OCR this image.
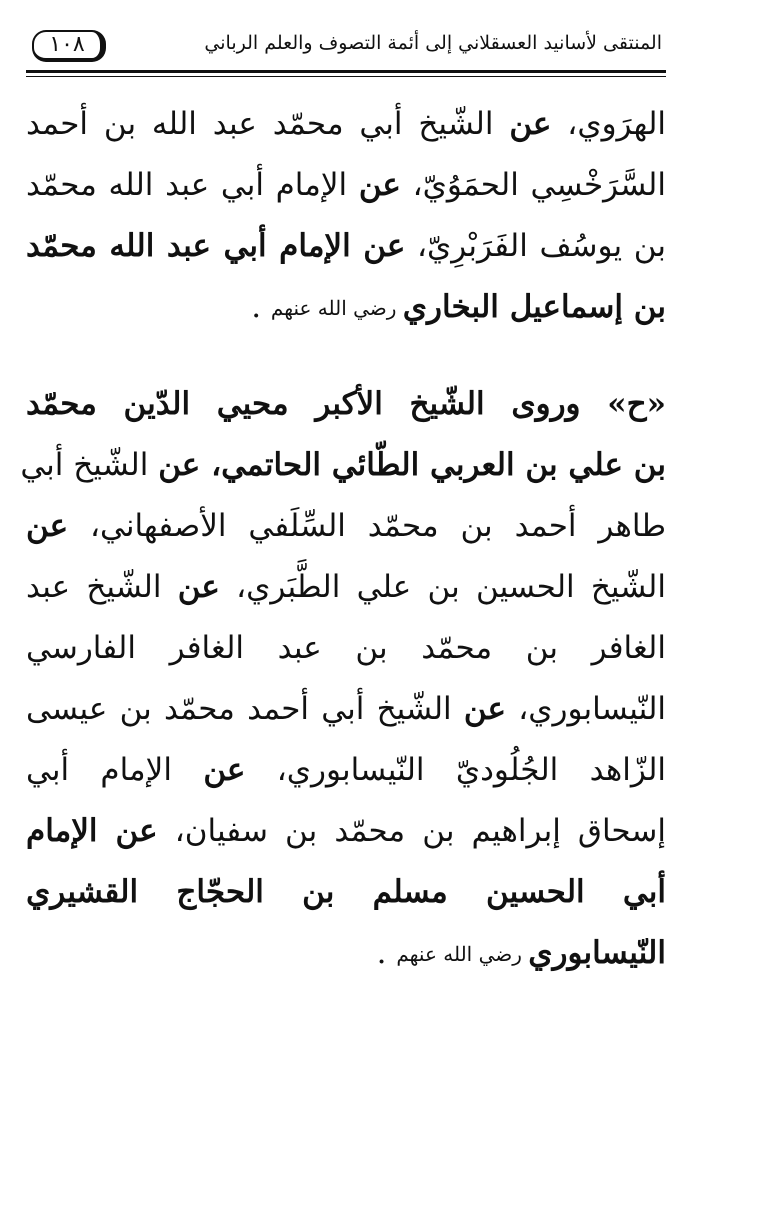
١٠٨	المنتقى لأسانيد العسقلاني إلى أئمة التصوف والعلم الرباني
الهرَوي، عن الشّيخ أبي محمّد عبد الله بن أحمد
السَّرَخْسِي الحمَوُيّ، عن الإمام أبي عبد الله محمّد
بن يوسُف الفَرَبْرِيّ، عن الإمام أبي عبد الله محمّد
بن إسماعيل البخاري رضي الله عنهم .
«ح» وروى الشّيخ الأكبر محيي الدّين محمّد
بن علي بن العربي الطّائي الحاتمي، عن الشّيخ أبي
طاهر أحمد بن محمّد السِّلَفي الأصفهاني، عن
الشّيخ الحسين بن علي الطَّبَري، عن الشّيخ عبد
الغافر بن محمّد بن عبد الغافر الفارسي
النّيسابوري، عن الشّيخ أبي أحمد محمّد بن عيسى
الزّاهد الجُلُوديّ النّيسابوري، عن الإمام أبي
إسحاق إبراهيم بن محمّد بن سفيان، عن الإمام
أبي الحسين مسلم بن الحجّاج القشيري
النّيسابوري رضي الله عنهم .
